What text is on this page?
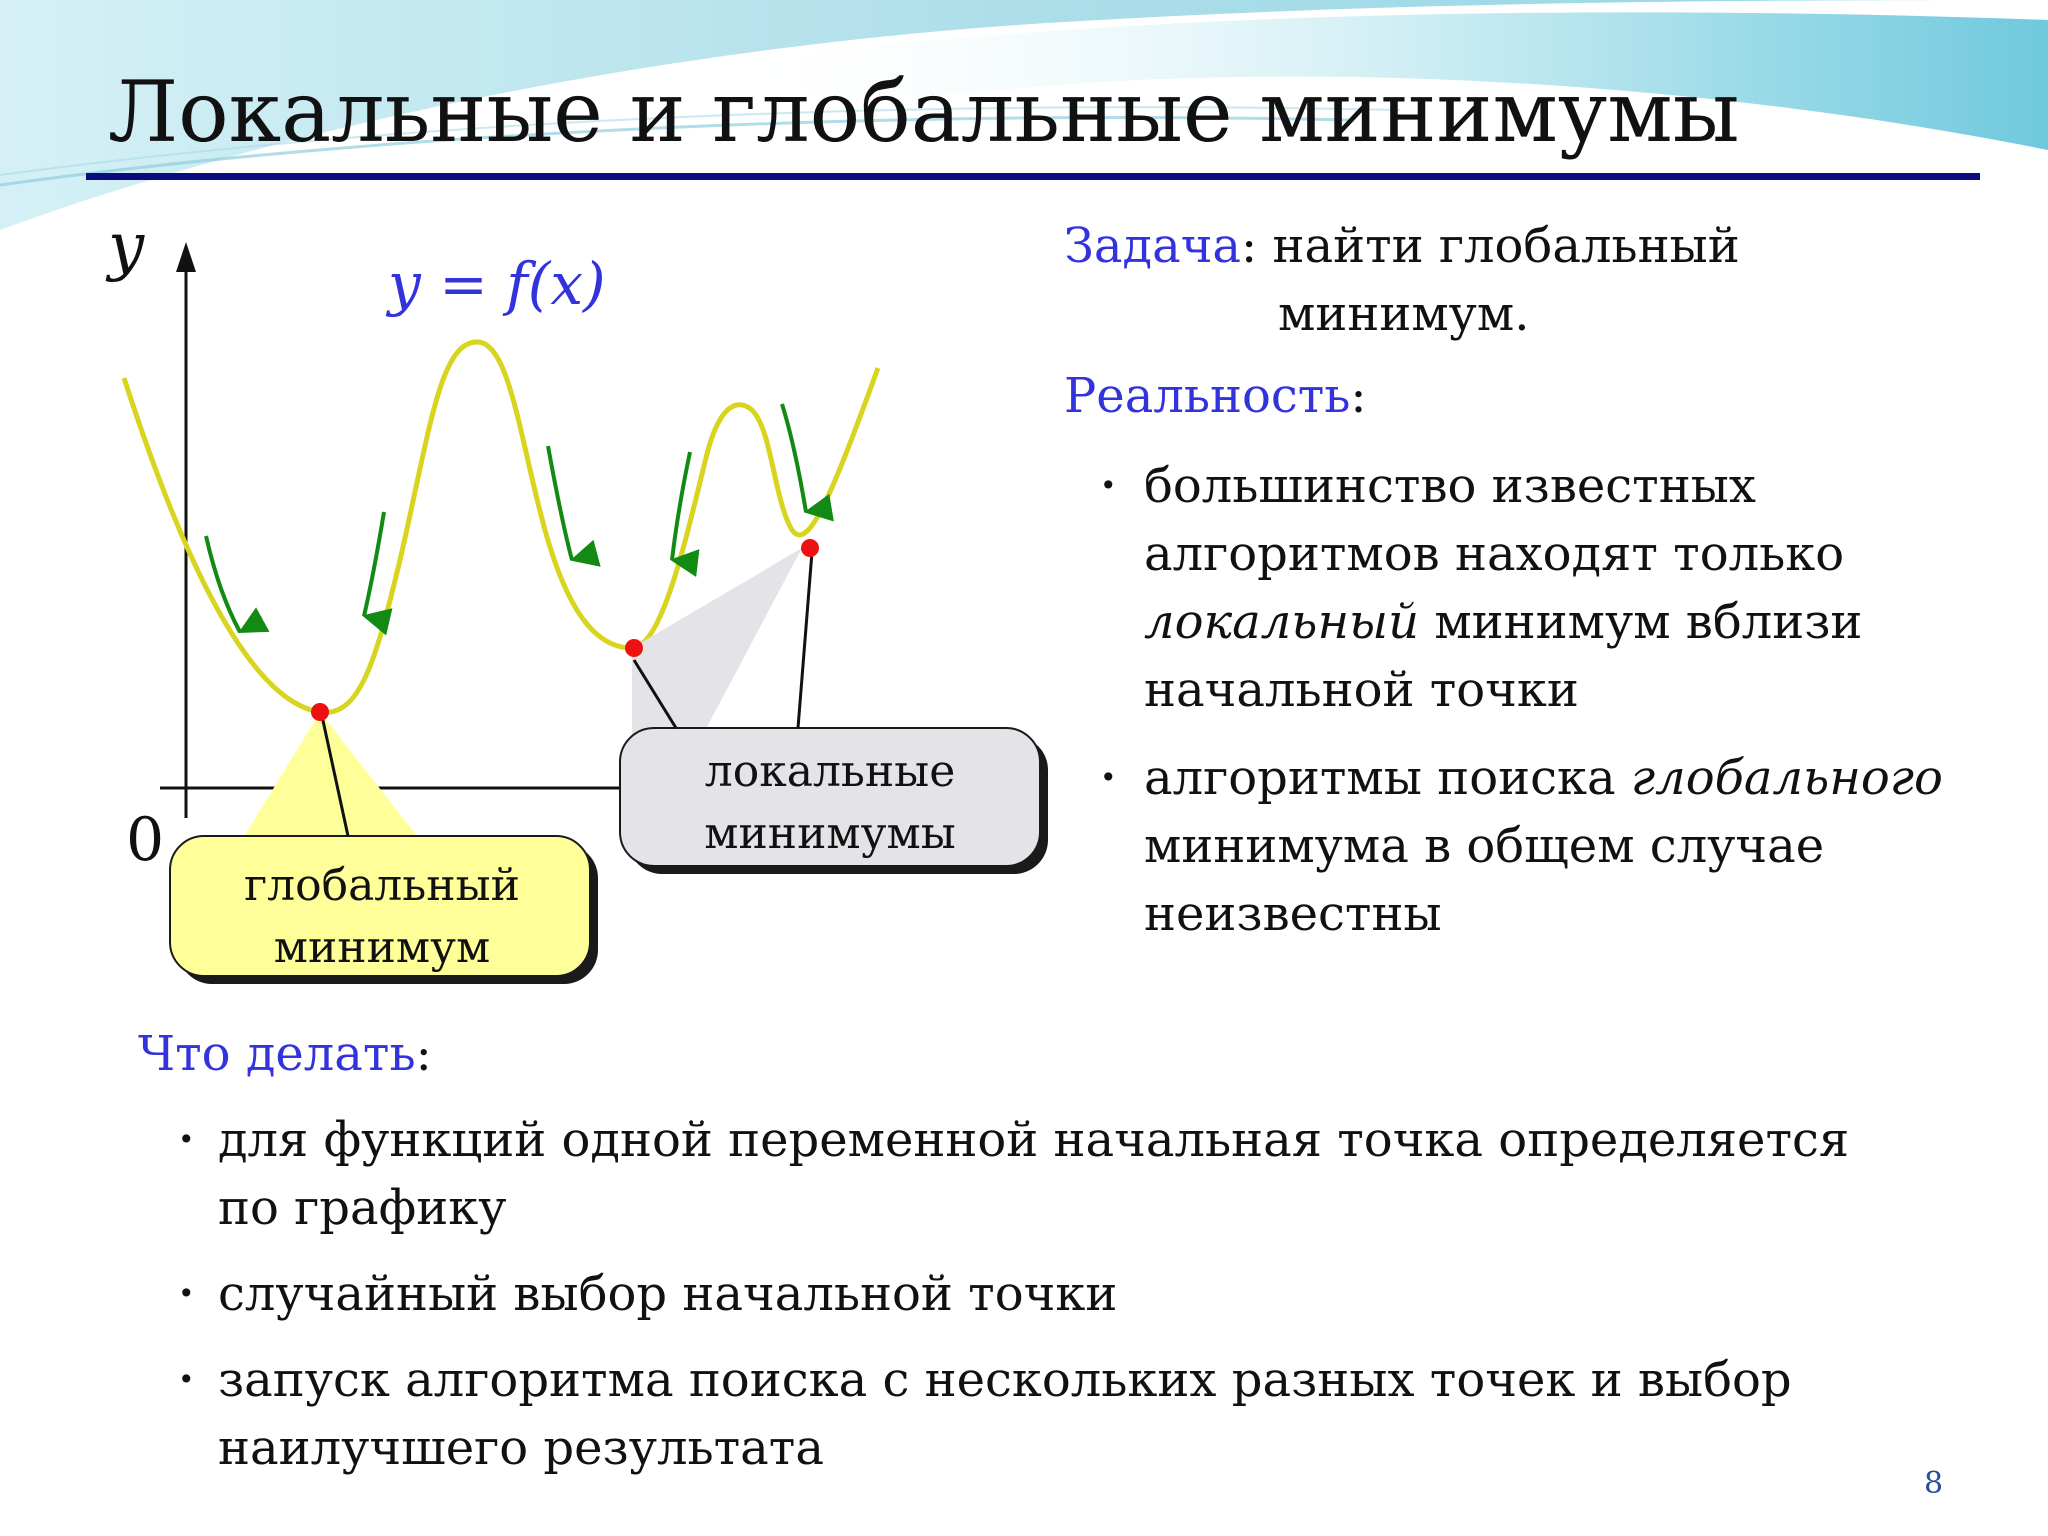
Локальные и глобальные минимумы
y
0
y = f(x)
локальные
минимумы
глобальный
минимум
Задача: найти глобальный
минимум.
Реальность:
• большинство известных
алгоритмов находят только
локальный минимум вблизи
начальной точки
• алгоритмы поиска глобального
минимума в общем случае
неизвестны
Что делать:
• для функций одной переменной начальная точка определяется
по графику
• случайный выбор начальной точки
• запуск алгоритма поиска с нескольких разных точек и выбор
наилучшего результата
8
